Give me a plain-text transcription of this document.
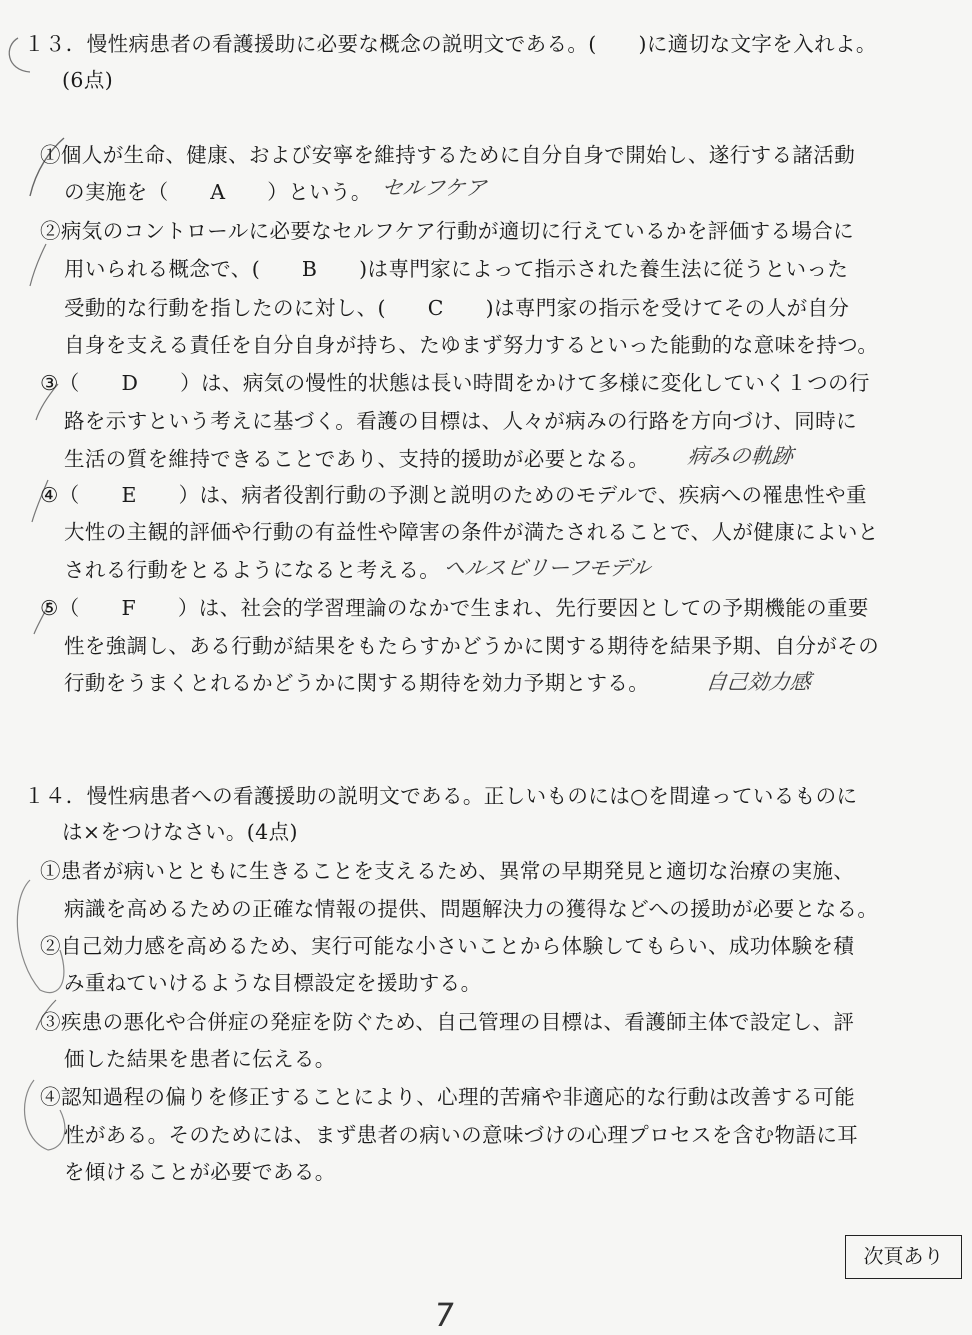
１３．慢性病患者の看護援助に必要な概念の説明文である。(　　)に適切な文字を入れよ。
(6点)
①個人が生命、健康、および安寧を維持するために自分自身で開始し、遂行する諸活動
の実施を（　　A　　）という。 セルフケア
②病気のコントロールに必要なセルフケア行動が適切に行えているかを評価する場合に
用いられる概念で、(　　B　　)は専門家によって指示された養生法に従うといった
受動的な行動を指したのに対し、(　　C　　)は専門家の指示を受けてその人が自分
自身を支える責任を自分自身が持ち、たゆまず努力するといった能動的な意味を持つ。
③（　　D　　）は、病気の慢性的状態は長い時間をかけて多様に変化していく１つの行
路を示すという考えに基づく。看護の目標は、人々が病みの行路を方向づけ、同時に
生活の質を維持できることであり、支持的援助が必要となる。 病みの軌跡
④（　　E　　）は、病者役割行動の予測と説明のためのモデルで、疾病への罹患性や重
大性の主観的評価や行動の有益性や障害の条件が満たされることで、人が健康によいと
される行動をとるようになると考える。 ヘルスビリーフモデル
⑤（　　F　　）は、社会的学習理論のなかで生まれ、先行要因としての予期機能の重要
性を強調し、ある行動が結果をもたらすかどうかに関する期待を結果予期、自分がその
行動をうまくとれるかどうかに関する期待を効力予期とする。	自己効力感
１４．慢性病患者への看護援助の説明文である。正しいものには○を間違っているものに
は×をつけなさい。(4点)
①患者が病いとともに生きることを支えるため、異常の早期発見と適切な治療の実施、
病識を高めるための正確な情報の提供、問題解決力の獲得などへの援助が必要となる。
②自己効力感を高めるため、実行可能な小さいことから体験してもらい、成功体験を積
み重ねていけるような目標設定を援助する。
③疾患の悪化や合併症の発症を防ぐため、自己管理の目標は、看護師主体で設定し、評
価した結果を患者に伝える。
④認知過程の偏りを修正することにより、心理的苦痛や非適応的な行動は改善する可能
性がある。そのためには、まず患者の病いの意味づけの心理プロセスを含む物語に耳
を傾けることが必要である。
次頁あり
7
